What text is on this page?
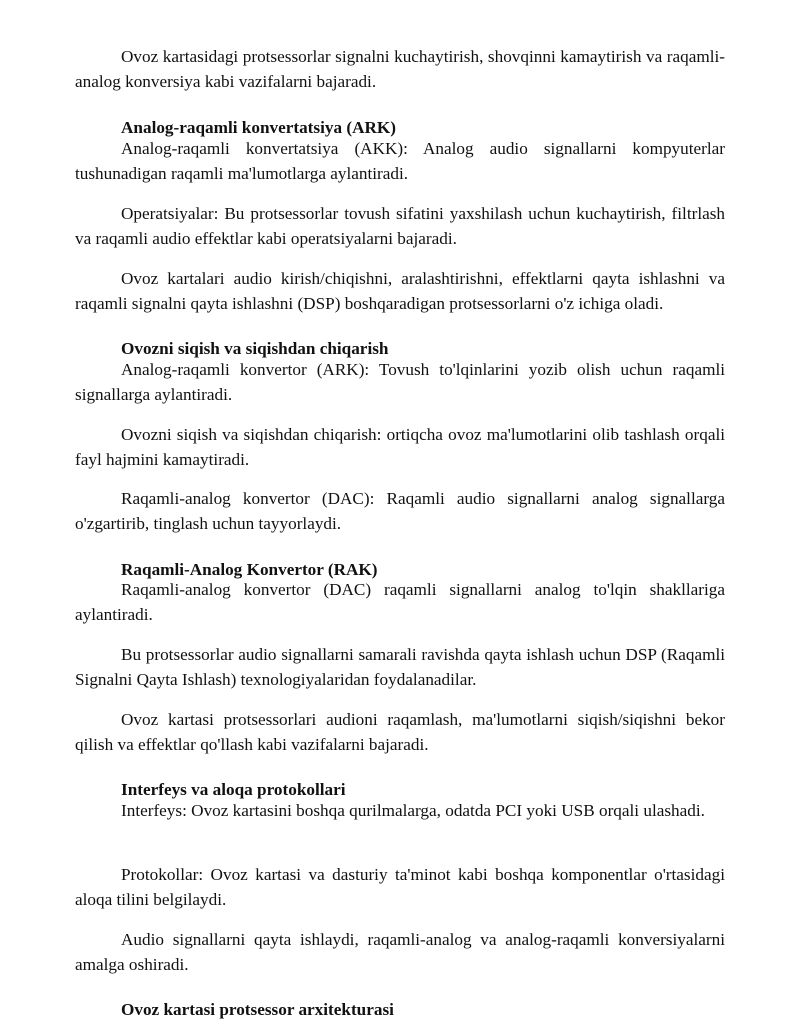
Ovoz kartasidagi protsessorlar signalni kuchaytirish, shovqinni kamaytirish va raqamli-analog konversiya kabi vazifalarni bajaradi.
Analog-raqamli konvertatsiya (ARK)
Analog-raqamli konvertatsiya (AKK): Analog audio signallarni kompyuterlar tushunadigan raqamli ma'lumotlarga aylantiradi.
Operatsiyalar: Bu protsessorlar tovush sifatini yaxshilash uchun kuchaytirish, filtrlash va raqamli audio effektlar kabi operatsiyalarni bajaradi.
Ovoz kartalari audio kirish/chiqishni, aralashtirishni, effektlarni qayta ishlashni va raqamli signalni qayta ishlashni (DSP) boshqaradigan protsessorlarni o'z ichiga oladi.
Ovozni siqish va siqishdan chiqarish
Analog-raqamli konvertor (ARK): Tovush to'lqinlarini yozib olish uchun raqamli signallarga aylantiradi.
Ovozni siqish va siqishdan chiqarish: ortiqcha ovoz ma'lumotlarini olib tashlash orqali fayl hajmini kamaytiradi.
Raqamli-analog konvertor (DAC): Raqamli audio signallarni analog signallarga o'zgartirib, tinglash uchun tayyorlaydi.
Raqamli-Analog Konvertor (RAK)
Raqamli-analog konvertor (DAC) raqamli signallarni analog to'lqin shakllariga aylantiradi.
Bu protsessorlar audio signallarni samarali ravishda qayta ishlash uchun DSP (Raqamli Signalni Qayta Ishlash) texnologiyalaridan foydalanadilar.
Ovoz kartasi protsessorlari audioni raqamlash, ma'lumotlarni siqish/siqishni bekor qilish va effektlar qo'llash kabi vazifalarni bajaradi.
Interfeys va aloqa protokollari
Interfeys: Ovoz kartasini boshqa qurilmalarga, odatda PCI yoki USB orqali ulashadi.
Protokollar: Ovoz kartasi va dasturiy ta'minot kabi boshqa komponentlar o'rtasidagi aloqa tilini belgilaydi.
Audio signallarni qayta ishlaydi, raqamli-analog va analog-raqamli konversiyalarni amalga oshiradi.
Ovoz kartasi protsessor arxitekturasi
